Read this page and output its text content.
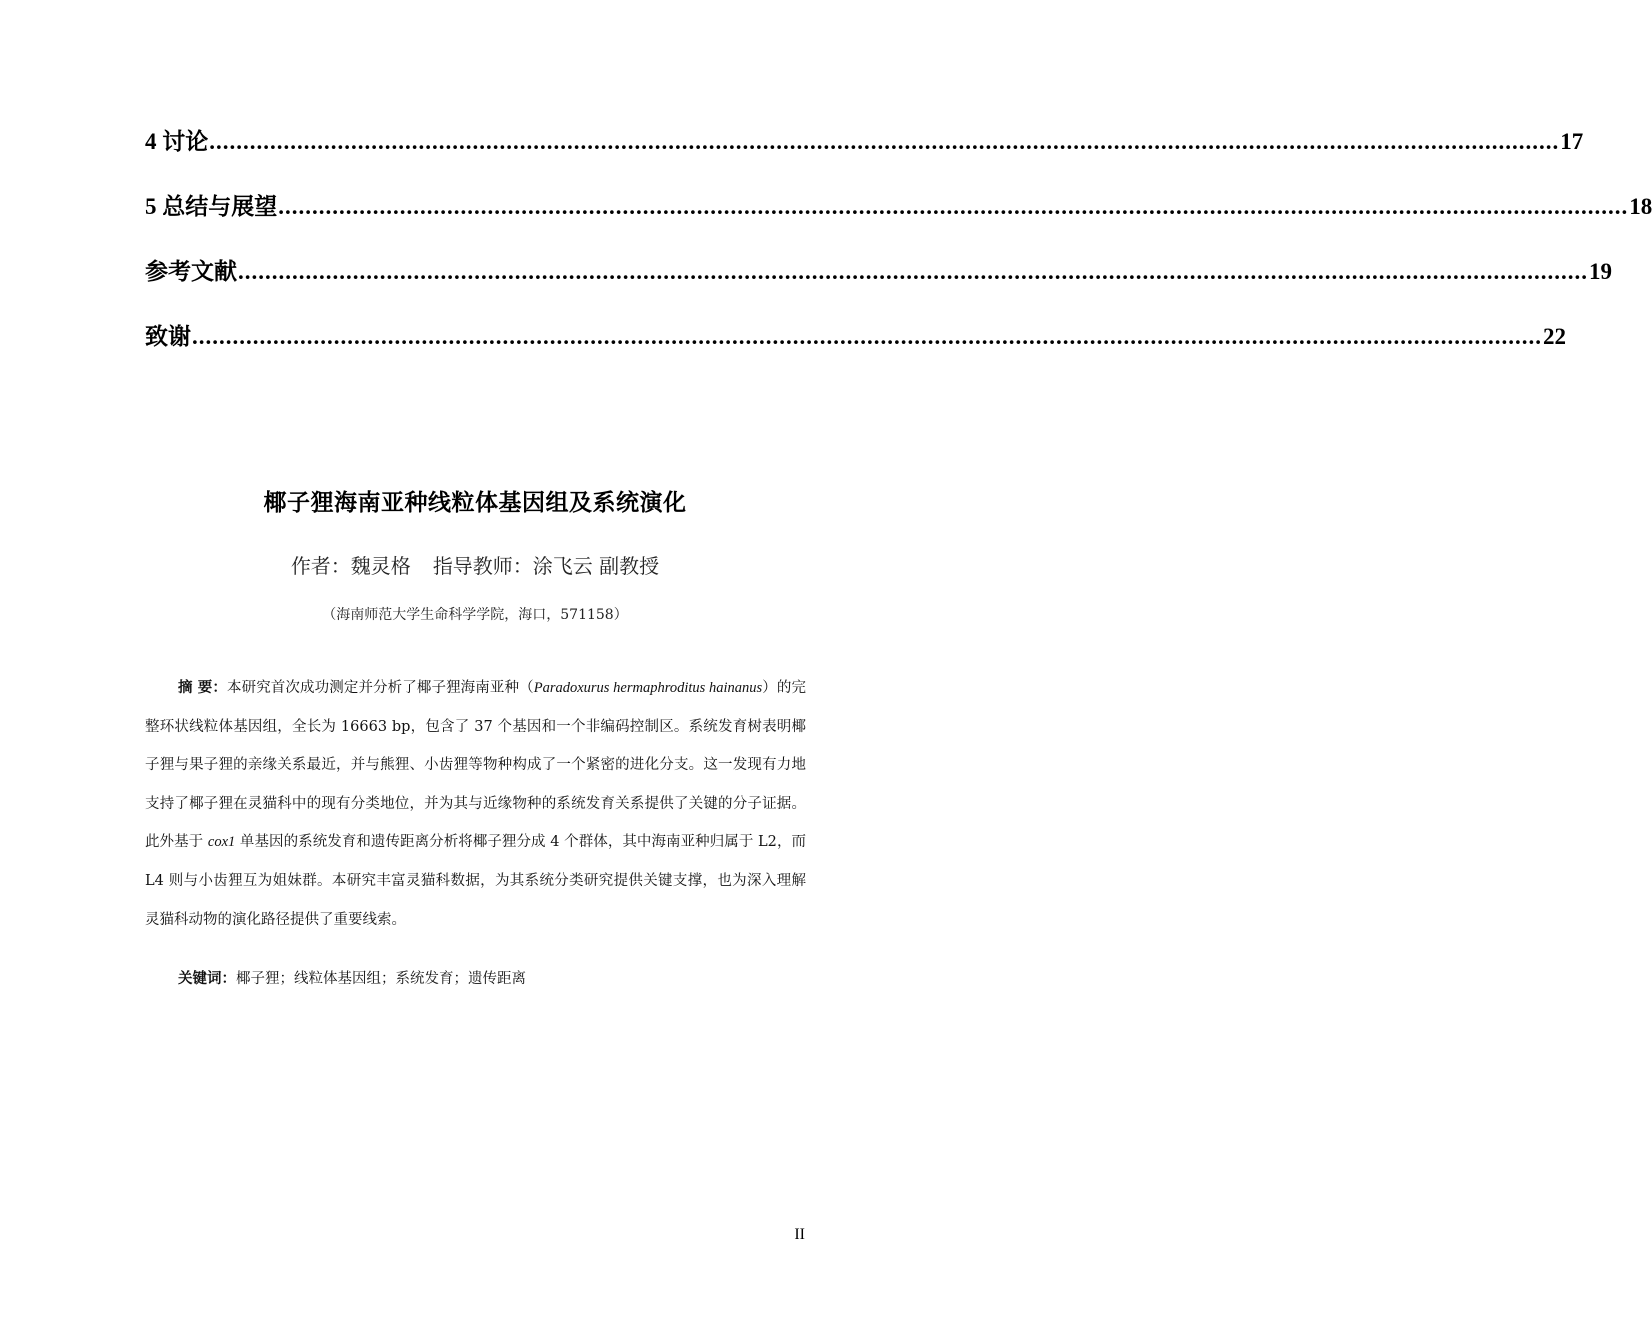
4 讨论 ........................................................................................................................................................................................................ 17
5 总结与展望 ........................................................................................................................................................................................................ 18
参考文献 ........................................................................................................................................................................................................ 19
致谢 ........................................................................................................................................................................................................ 22
椰子狸海南亚种线粒体基因组及系统演化
作者：魏灵格 指导教师：涂飞云 副教授
（海南师范大学生命科学学院，海口，571158）
摘 要：本研究首次成功测定并分析了椰子狸海南亚种（Paradoxurus hermaphroditus hainanus）的完整环状线粒体基因组，全长为 16663 bp，包含了 37 个基因和一个非编码控制区。系统发育树表明椰子狸与果子狸的亲缘关系最近，并与熊狸、小齿狸等物种构成了一个紧密的进化分支。这一发现有力地支持了椰子狸在灵猫科中的现有分类地位，并为其与近缘物种的系统发育关系提供了关键的分子证据。此外基于 cox1 单基因的系统发育和遗传距离分析将椰子狸分成 4 个群体，其中海南亚种归属于 L2，而 L4 则与小齿狸互为姐妹群。本研究丰富灵猫科数据，为其系统分类研究提供关键支撑，也为深入理解灵猫科动物的演化路径提供了重要线索。
关键词：椰子狸；线粒体基因组；系统发育；遗传距离
II
